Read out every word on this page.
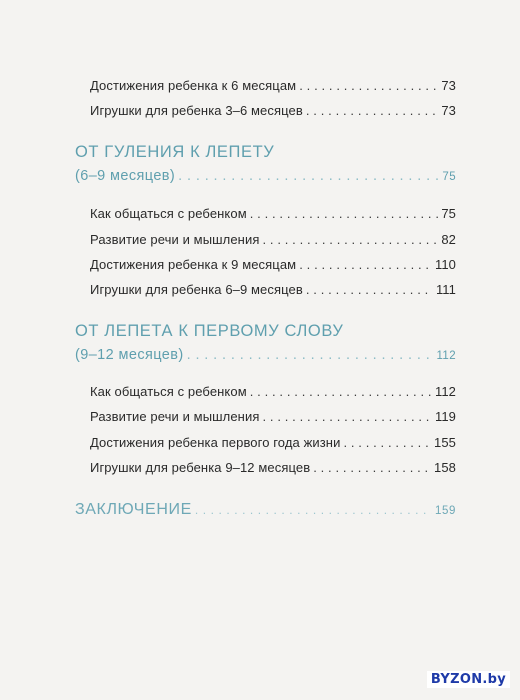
Достижения ребенка к 6 месяцам . . .	73
Игрушки для ребенка 3–6 месяцев . . .	73
ОТ ГУЛЕНИЯ К ЛЕПЕТУ
(6–9 месяцев) . . .	75
Как общаться с ребенком . . .	75
Развитие речи и мышления . . .	82
Достижения ребенка к 9 месяцам . . .	110
Игрушки для ребенка 6–9 месяцев . . .	111
ОТ ЛЕПЕТА К ПЕРВОМУ СЛОВУ
(9–12 месяцев) . . .	112
Как общаться с ребенком . . .	112
Развитие речи и мышления . . .	119
Достижения ребенка первого года жизни . . .	155
Игрушки для ребенка 9–12 месяцев . . .	158
ЗАКЛЮЧЕНИЕ . . .	159
BYZON.by
